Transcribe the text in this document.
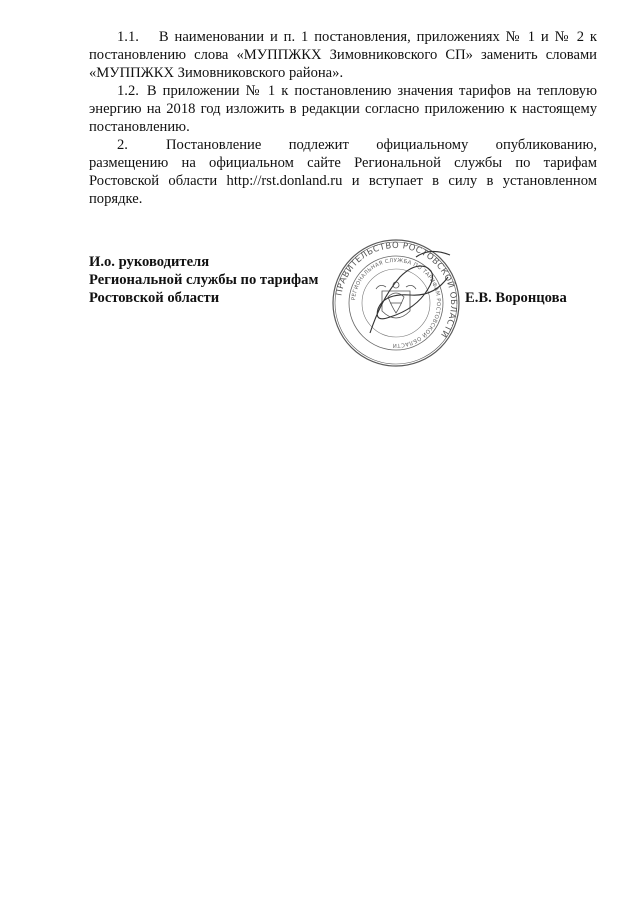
1.1. В наименовании и п. 1 постановления, приложениях № 1 и № 2 к постановлению слова «МУППЖКХ Зимовниковского СП» заменить словами «МУППЖКХ Зимовниковского района».

1.2. В приложении № 1 к постановлению значения тарифов на тепловую энергию на 2018 год изложить в редакции согласно приложению к настоящему постановлению.

2.	Постановление подлежит официальному опубликованию, размещению на официальном сайте Региональной службы по тарифам Ростовской области http://rst.donland.ru и вступает в силу в установленном порядке.

И.о. руководителя
Региональной службы по тарифам
Ростовской области	ПРАВИТЕЛЬСТВО РОСТОВСКОЙ ОБЛАСТИ
РЕГИОНАЛЬНАЯ СЛУЖБА ПО ТАРИФАМ РОСТОВСКОЙ ОБЛАСТИ
Е.В. Воронцова
